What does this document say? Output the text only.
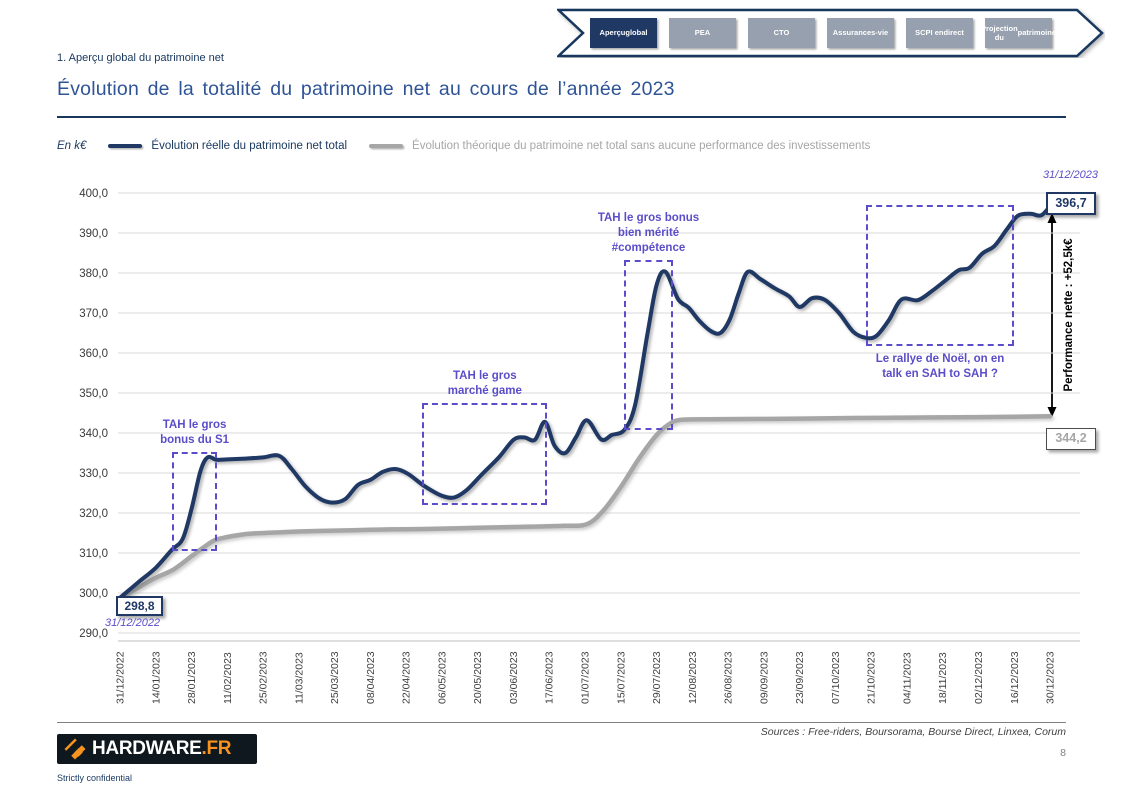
Aperçu global	PEA	CTO	Assurances- vie	SCPI en direct
Projection du

patrimoine
1. Aperçu global du patrimoine net
Évolution de la totalité du patrimoine net au cours de l’année 2023
En k€	Évolution réelle du patrimoine net total	Évolution théorique du patrimoine net total sans aucune performance des investissements
400,0
390,0
380,0
370,0
360,0
350,0
340,0
330,0
320,0
310,0
300,0
290,0
31/12/2022 14/01/2023 28/01/2023 11/02/2023 25/02/2023 11/03/2023 25/03/2023 08/04/2023 22/04/2023 06/05/2023 20/05/2023 03/06/2023 17/06/2023 01/07/2023 15/07/2023 29/07/2023 12/08/2023 26/08/2023 09/09/2023 23/09/2023 07/10/2023 21/10/2023 04/11/2023 18/11/2023 02/12/2023 16/12/2023 30/12/2023
TAH le gros
bonus du S1
TAH le gros
marché game
TAH le gros bonus
bien mérité
#compétence
Le rallye de Noël, on en
talk en SAH to SAH ?
298,8
31/12/2022
31/12/2023
396,7
344,2
Performance nette : +52,5k€
Sources : Free-riders, Boursorama, Bourse Direct, Linxea, Corum
8
HARDWARE.FR
Strictly confidential
